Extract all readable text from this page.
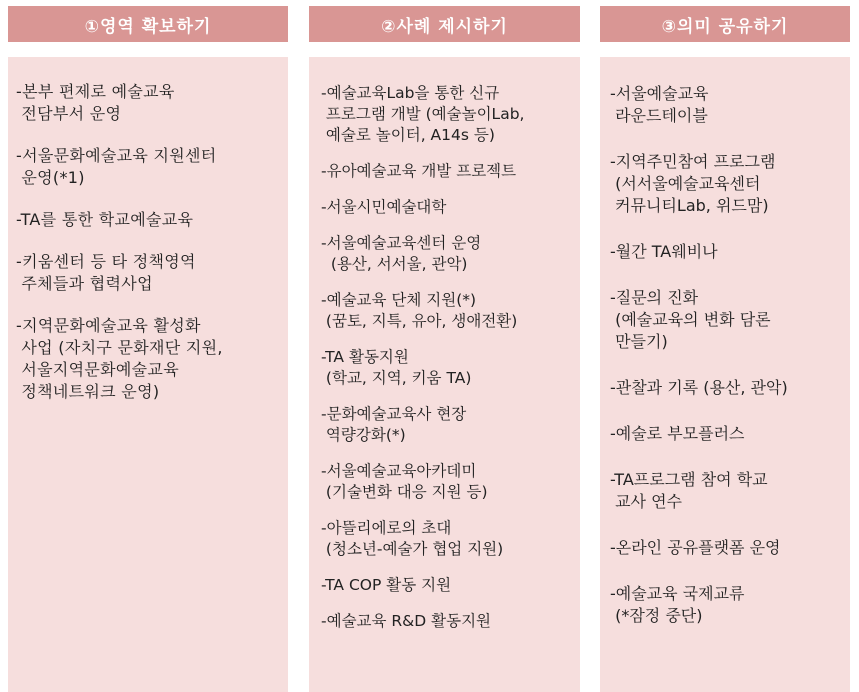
①영역 확보하기
-본부 편제로 예술교육
전담부서 운영
-서울문화예술교육 지원센터
운영(*1)
-TA를 통한 학교예술교육
-키움센터 등 타 정책영역
주체들과 협력사업
-지역문화예술교육 활성화
사업 (자치구 문화재단 지원,
서울지역문화예술교육
정책네트워크 운영)
②사례 제시하기
-예술교육Lab을 통한 신규
프로그램 개발 (예술놀이Lab,
예술로 놀이터, A14s 등)
-유아예술교육 개발 프로젝트
-서울시민예술대학
-서울예술교육센터 운영
(용산, 서서울, 관악)
-예술교육 단체 지원(*)
(꿈토, 지특, 유아, 생애전환)
-TA 활동지원
(학교, 지역, 키움 TA)
-문화예술교육사 현장
역량강화(*)
-서울예술교육아카데미
(기술변화 대응 지원 등)
-아뜰리에로의 초대
(청소년-예술가 협업 지원)
-TA COP 활동 지원
-예술교육 R&D 활동지원
③의미 공유하기
-서울예술교육
라운드테이블
-지역주민참여 프로그램
(서서울예술교육센터
커뮤니티Lab, 위드맘)
-월간 TA웨비나
-질문의 진화
(예술교육의 변화 담론
만들기)
-관찰과 기록 (용산, 관악)
-예술로 부모플러스
-TA프로그램 참여 학교
교사 연수
-온라인 공유플랫폼 운영
-예술교육 국제교류
(*잠정 중단)
